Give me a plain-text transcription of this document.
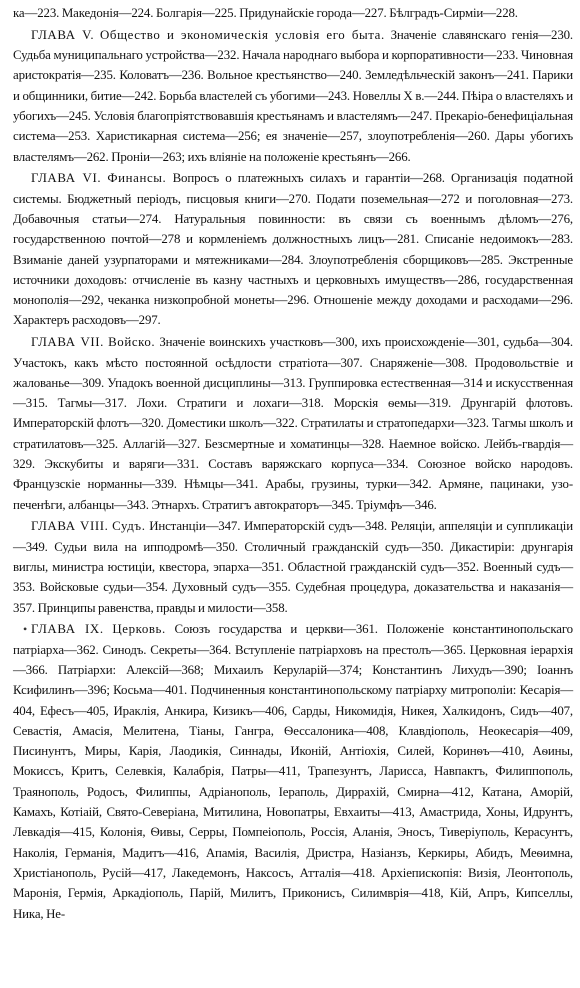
ка—223. Македонія—224. Болгарія—225. Придунайскіе города—227. Бѣлградъ-Сирміи—228.

ГЛАВА V. Общество и экономическія условія его быта. Значеніе славянскаго генія—230. Судьба муниципальнаго устройства—232. Начала народнаго выбора и корпоративности—233. Чиновная аристократія—235. Коловатъ—236. Вольное крестьянство—240. Земледѣльческій законъ—241. Парики и общинники, битие—242. Борьба властелей съ убогими—243. Новеллы X в.—244. Пѣіра о властеляхъ и убогихъ—245. Условія благопріятствовавшія крестьянамъ и властелямъ—247. Прекаріо-бенефиціальная система—253. Харистикарная система—256; ея значеніе—257, злоупотребленія—260. Дары убогихъ властелямъ—262. Проніи—263; ихъ вліяніе на положеніе крестьянъ—266.

ГЛАВА VI. Финансы. Вопросъ о платежныхъ силахъ и гарантіи—268. Организація податной системы. Бюджетный періодъ, писцовыя книги—270. Подати поземельная—272 и поголовная—273. Добавочныя статьи—274. Натуральныя повинности: въ связи съ военнымъ дѣломъ—276, государственною почтой—278 и кормленіемъ должностныхъ лицъ—281. Списаніе недоимокъ—283. Взиманіе даней узурпаторами и мятежниками—284. Злоупотребленія сборщиковъ—285. Экстренные источники доходовъ: отчисленіе въ казну частныхъ и церковныхъ имуществъ—286, государственная монополія—292, чеканка низкопробной монеты—296. Отношеніе между доходами и расходами—296. Характеръ расходовъ—297.

ГЛАВА VII. Войско. Значеніе воинскихъ участковъ—300, ихъ происхожденіе—301, судьба—304. Участокъ, какъ мѣсто постоянной осѣдлости стратіота—307. Снаряженіе—308. Продовольствіе и жалованье—309. Упадокъ военной дисциплины—313. Группировка естественная—314 и искусственная—315. Тагмы—317. Лохи. Стратиги и лохаги—318. Морскія ѳемы—319. Друнгарій флотовъ. Императорскій флотъ—320. Доместики школъ—322. Стратилаты и стратопедархи—323. Тагмы школъ и стратилатовъ—325. Аллагій—327. Безсмертные и хоматинцы—328. Наемное войско. Лейбъ-гвардія—329. Экскубиты и варяги—331. Составъ варяжскаго корпуса—334. Союзное войско народовъ. Французскіе норманны—339. Нѣмцы—341. Арабы, грузины, турки—342. Армяне, пацинаки, узо-печенѣги, албанцы—343. Этнархъ. Стратигъ автократоръ—345. Тріумфъ—346.

ГЛАВА VIII. Судъ. Инстанціи—347. Императорскій судъ—348. Реляціи, аппеляціи и суппликаціи—349. Судьи вила на ипподромѣ—350. Столичный гражданскій судъ—350. Дикастиріи: друнгарія виглы, министра юстиціи, квестора, эпарха—351. Областной гражданскій судъ—352. Военный судъ—353. Войсковые судьи—354. Духовный судъ—355. Судебная процедура, доказательства и наказанія—357. Принципы равенства, правды и милости—358.

• ГЛАВА IX. Церковь. Союзъ государства и церкви—361. Положеніе константинопольскаго патріарха—362. Синодъ. Секреты—364. Вступленіе патріарховъ на престолъ—365. Церковная іерархія—366. Патріархи: Алексій—368; Михаилъ Керуларій—374; Константинъ Лихудъ—390; Іоаннъ Ксифилинъ—396; Косьма—401. Подчиненныя константинопольскому патріарху митрополіи: Кесарія—404, Ефесъ—405, Ираклія, Анкира, Кизикъ—406, Сарды, Никомидія, Никея, Халкидонъ, Сидъ—407, Севастія, Амасія, Мелитена, Тіаны, Гангра, Ѳессалоника—408, Клавдіополь, Неокесарія—409, Писинунтъ, Миры, Карія, Лаодикія, Синнады, Иконій, Антіохія, Силей, Коринѳъ—410, Аѳины, Мокиссъ, Критъ, Селевкія, Калабрія, Патры—411, Трапезунтъ, Ларисса, Навпактъ, Филиппополь, Траянополь, Родосъ, Филиппы, Адріанополь, Іераполь, Диррахій, Смирна—412, Катана, Аморій, Камахъ, Котіаій, Свято-Северіана, Митилина, Новопатры, Евхаиты—413, Амастрида, Хоны, Идрунтъ, Левкадія—415, Колонія, Ѳивы, Серры, Помпеіополь, Россія, Аланія, Эносъ, Тиверіуполь, Керасунтъ, Наколія, Германія, Мадитъ—416, Апамія, Василія, Дристра, Назіанзъ, Керкиры, Абидъ, Меѳимна, Христіанополь, Русій—417, Лакедемонъ, Наксосъ, Атталія—418. Архіепископія: Визія, Леонтополь, Маронія, Гермія, Аркадіополь, Парій, Милитъ, Приконисъ, Силимврія—418, Кій, Апръ, Кипселлы, Ника, Не-
